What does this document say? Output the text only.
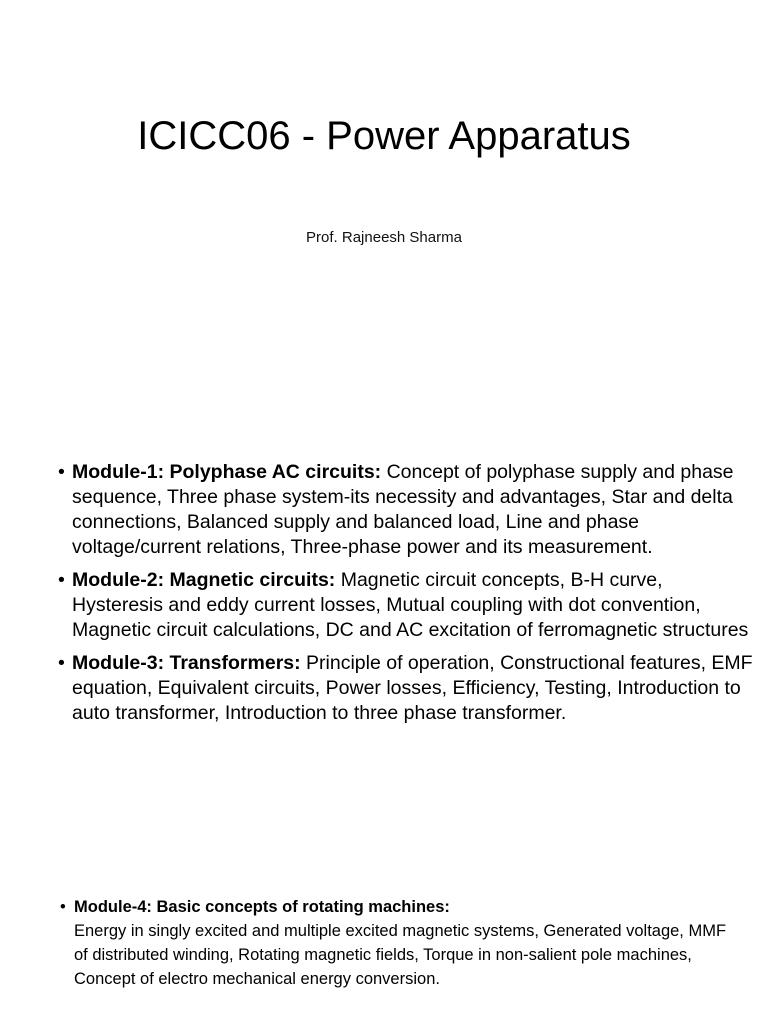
ICICC06 - Power Apparatus
Prof. Rajneesh Sharma
• Module-1: Polyphase AC circuits: Concept of polyphase supply and phase sequence, Three phase system-its necessity and advantages, Star and delta connections, Balanced supply and balanced load, Line and phase voltage/current relations, Three-phase power and its measurement.
• Module-2: Magnetic circuits: Magnetic circuit concepts, B-H curve, Hysteresis and eddy current losses, Mutual coupling with dot convention, Magnetic circuit calculations, DC and AC excitation of ferromagnetic structures
• Module-3: Transformers: Principle of operation, Constructional features, EMF equation, Equivalent circuits, Power losses, Efficiency, Testing, Introduction to auto transformer, Introduction to three phase transformer.
• Module-4: Basic concepts of rotating machines:
Energy in singly excited and multiple excited magnetic systems, Generated voltage, MMF of distributed winding, Rotating magnetic fields, Torque in non-salient pole machines, Concept of electro mechanical energy conversion.
